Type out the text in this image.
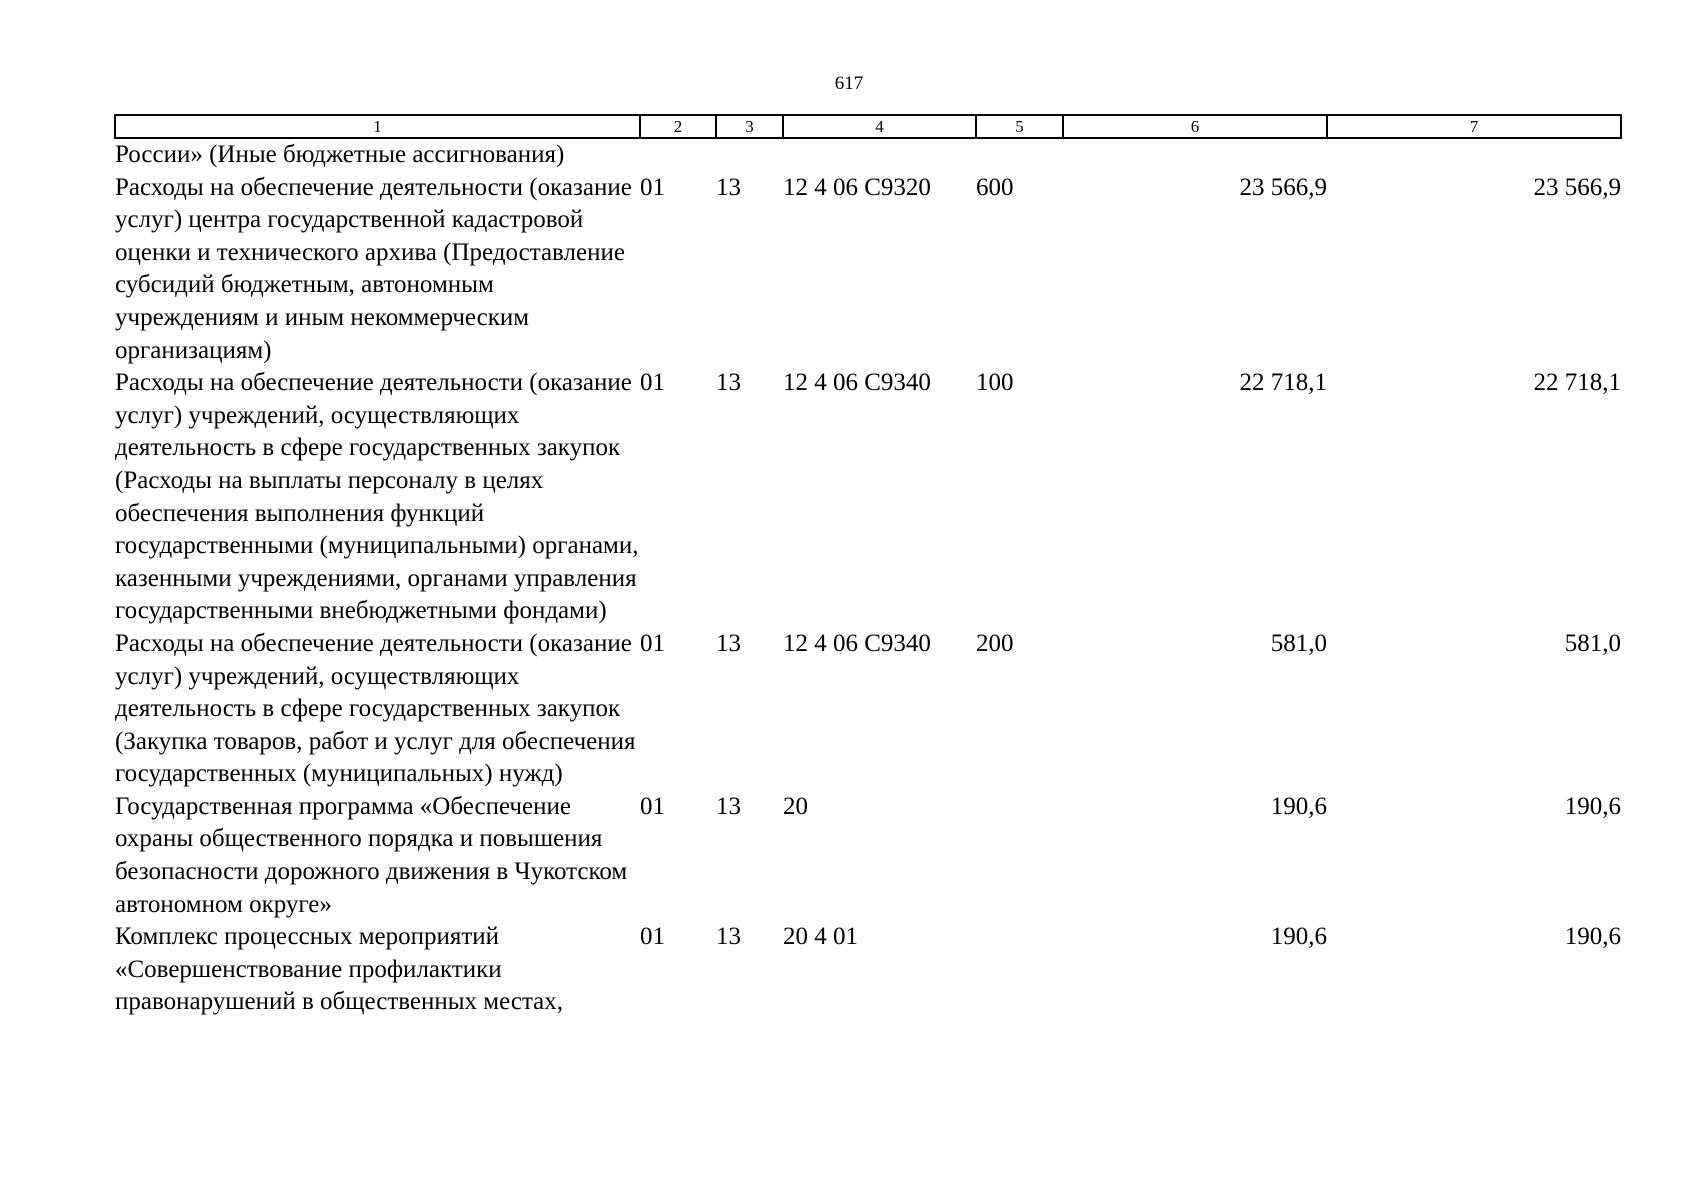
617
1	2	3	4	5	6	7
России» (Иные бюджетные ассигнования)						
Расходы на обеспечение деятельности (оказание услуг) центра государственной кадастровой оценки и технического архива (Предоставление субсидий бюджетным, автономным учреждениям и иным некоммерческим организациям)	01	13	12 4 06 С9320	600	23 566,9	23 566,9
Расходы на обеспечение деятельности (оказание услуг) учреждений, осуществляющих деятельность в сфере государственных закупок (Расходы на выплаты персоналу в целях обеспечения выполнения функций государственными (муниципальными) органами, казенными учреждениями, органами управления государственными внебюджетными фондами)	01	13	12 4 06 С9340	100	22 718,1	22 718,1
Расходы на обеспечение деятельности (оказание услуг) учреждений, осуществляющих деятельность в сфере государственных закупок (Закупка товаров, работ и услуг для обеспечения государственных (муниципальных) нужд)	01	13	12 4 06 С9340	200	581,0	581,0
Государственная программа «Обеспечение охраны общественного порядка и повышения безопасности дорожного движения в Чукотском автономном округе»	01	13	20		190,6	190,6
Комплекс процессных мероприятий «Совершенствование профилактики правонарушений в общественных местах,	01	13	20 4 01		190,6	190,6
